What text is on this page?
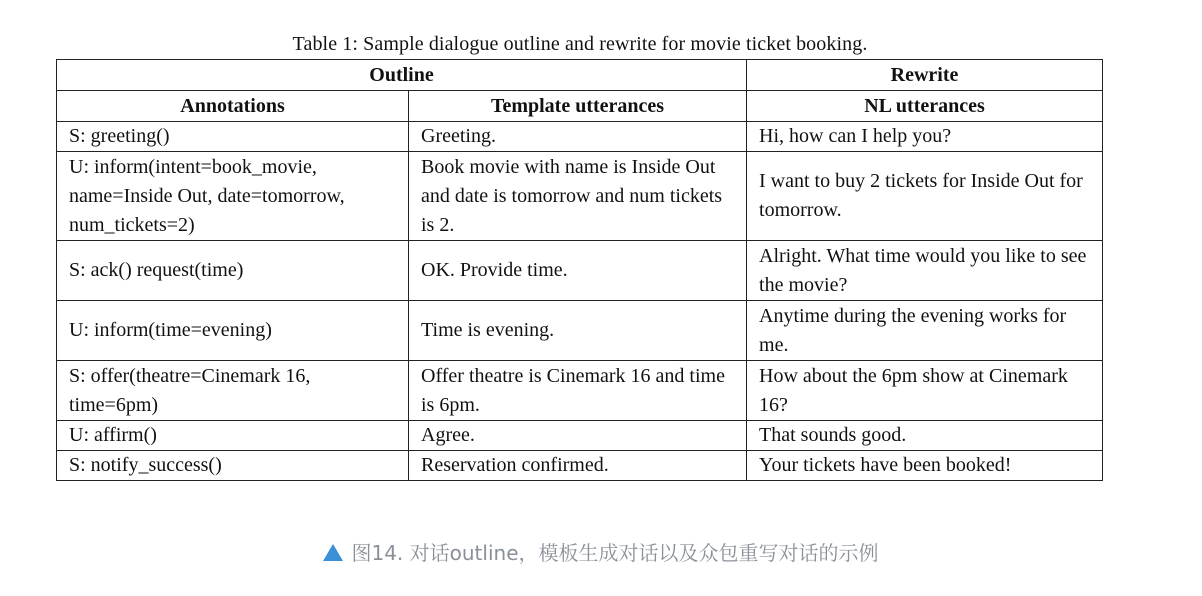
Table 1: Sample dialogue outline and rewrite for movie ticket booking.
Outline		Rewrite
Annotations	Template utterances	NL utterances
S: greeting()	Greeting.	Hi, how can I help you?
U: inform(intent=book_movie, name=Inside Out, date=tomorrow, num_tickets=2)	Book movie with name is Inside Out and date is tomorrow and num tickets is 2.	I want to buy 2 tickets for Inside Out for tomorrow.
S: ack() request(time)	OK. Provide time.	Alright. What time would you like to see the movie?
U: inform(time=evening)	Time is evening.	Anytime during the evening works for me.
S: offer(theatre=Cinemark 16, time=6pm)	Offer theatre is Cinemark 16 and time is 6pm.	How about the 6pm show at Cinemark 16?
U: affirm()	Agree.	That sounds good.
S: notify_success()	Reservation confirmed.	Your tickets have been booked!
图14. 对话outline，模板生成对话以及众包重写对话的示例
